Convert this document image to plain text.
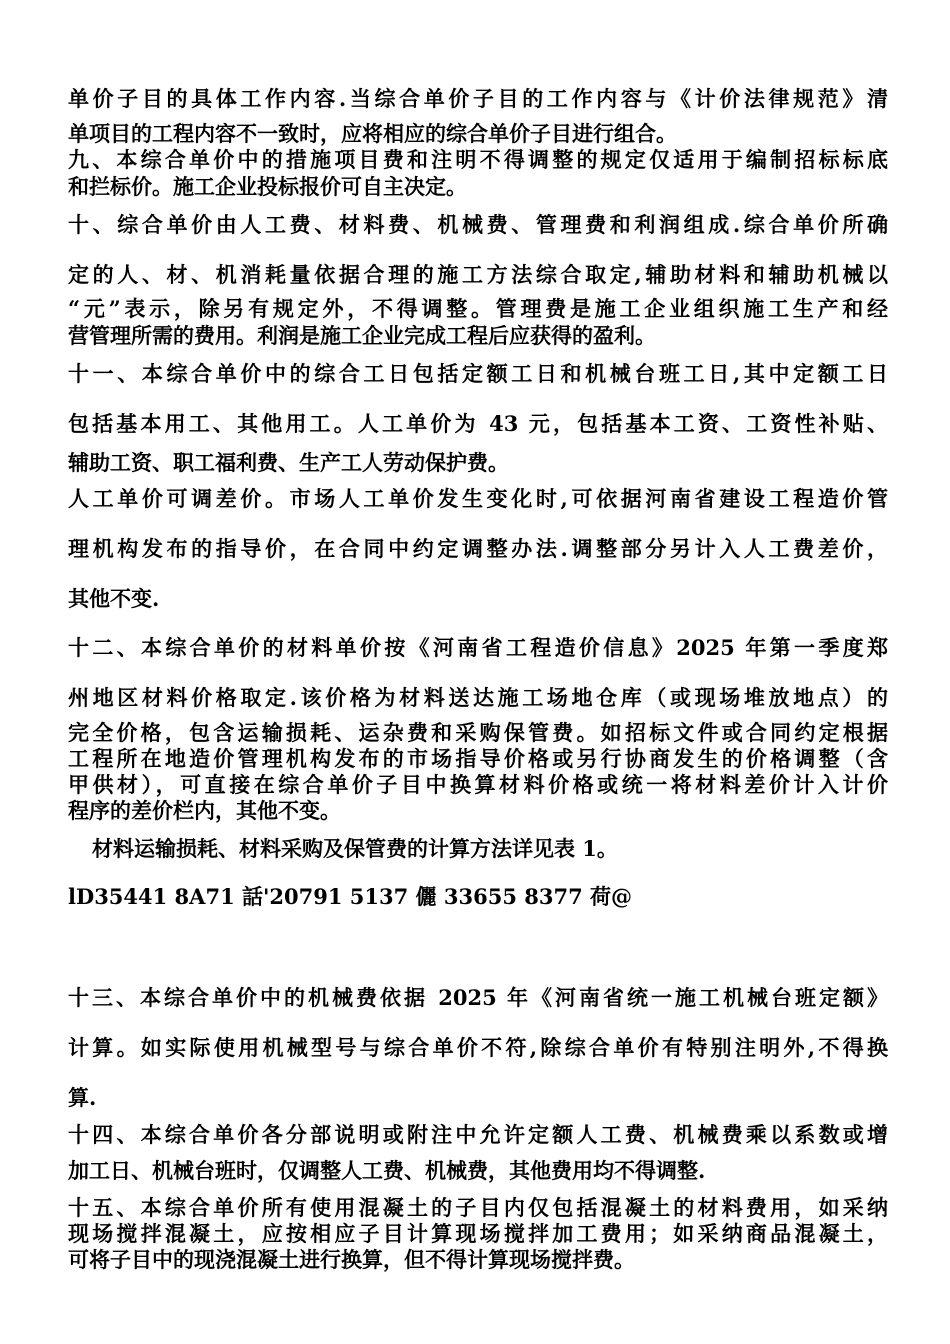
单价子目的具体工作内容.当综合单价子目的工作内容与《计价法律规范》清
单项目的工程内容不一致时，应将相应的综合单价子目进行组合。
九、本综合单价中的措施项目费和注明不得调整的规定仅适用于编制招标标底
和拦标价。施工企业投标报价可自主决定。
十、综合单价由人工费、材料费、机械费、管理费和利润组成.综合单价所确
定的人、材、机消耗量依据合理的施工方法综合取定,辅助材料和辅助机械以
“元”表示，除另有规定外，不得调整。管理费是施工企业组织施工生产和经
营管理所需的费用。利润是施工企业完成工程后应获得的盈利。
十一、本综合单价中的综合工日包括定额工日和机械台班工日,其中定额工日
包括基本用工、其他用工。人工单价为 43 元，包括基本工资、工资性补贴、
辅助工资、职工福利费、生产工人劳动保护费。
人工单价可调差价。市场人工单价发生变化时,可依据河南省建设工程造价管
理机构发布的指导价，在合同中约定调整办法.调整部分另计入人工费差价，
其他不变.
十二、本综合单价的材料单价按《河南省工程造价信息》2025 年第一季度郑
州地区材料价格取定.该价格为材料送达施工场地仓库（或现场堆放地点）的
完全价格，包含运输损耗、运杂费和采购保管费。如招标文件或合同约定根据
工程所在地造价管理机构发布的市场指导价格或另行协商发生的价格调整（含
甲供材），可直接在综合单价子目中换算材料价格或统一将材料差价计入计价
程序的差价栏内，其他不变。
材料运输损耗、材料采购及保管费的计算方法详见表 1。
lD35441 8A71 話'20791 5137 儷 33655 8377 荷@
十三、本综合单价中的机械费依据 2025 年《河南省统一施工机械台班定额》
计算。如实际使用机械型号与综合单价不符,除综合单价有特别注明外,不得换
算.
十四、本综合单价各分部说明或附注中允许定额人工费、机械费乘以系数或增
加工日、机械台班时，仅调整人工费、机械费，其他费用均不得调整.
十五、本综合单价所有使用混凝土的子目内仅包括混凝土的材料费用，如采纳
现场搅拌混凝土，应按相应子目计算现场搅拌加工费用；如采纳商品混凝土，
可将子目中的现浇混凝土进行换算，但不得计算现场搅拌费。
